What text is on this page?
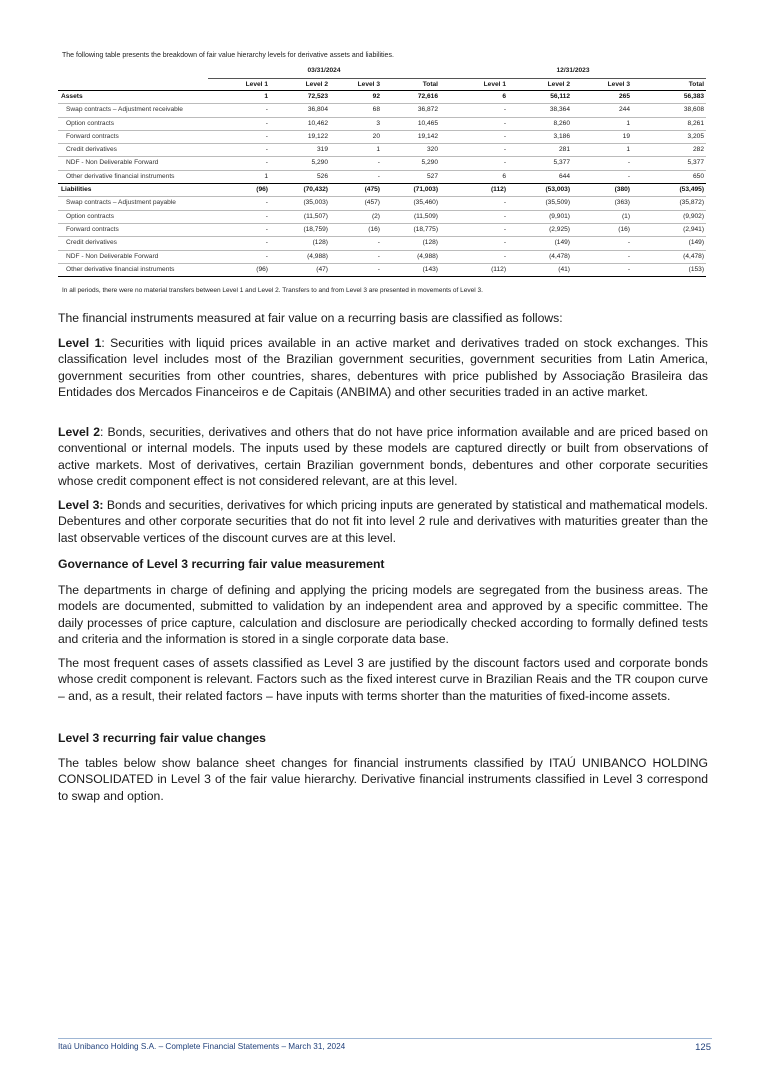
The following table presents the breakdown of fair value hierarchy levels for derivative assets and liabilities.
	03/31/2024				12/31/2023			
	Level 1	Level 2	Level 3	Total	Level 1	Level 2	Level 3	Total
Assets	1	72,523	92	72,616	6	56,112	265	56,383
Swap contracts – Adjustment receivable	-	36,804	68	36,872	-	38,364	244	38,608
Option contracts	-	10,462	3	10,465	-	8,260	1	8,261
Forward contracts	-	19,122	20	19,142	-	3,186	19	3,205
Credit derivatives	-	319	1	320	-	281	1	282
NDF - Non Deliverable Forward	-	5,290	-	5,290	-	5,377	-	5,377
Other derivative financial instruments	1	526	-	527	6	644	-	650
Liabilities	(96)	(70,432)	(475)	(71,003)	(112)	(53,003)	(380)	(53,495)
Swap contracts – Adjustment payable	-	(35,003)	(457)	(35,460)	-	(35,509)	(363)	(35,872)
Option contracts	-	(11,507)	(2)	(11,509)	-	(9,901)	(1)	(9,902)
Forward contracts	-	(18,759)	(16)	(18,775)	-	(2,925)	(16)	(2,941)
Credit derivatives	-	(128)	-	(128)	-	(149)	-	(149)
NDF - Non Deliverable Forward	-	(4,988)	-	(4,988)	-	(4,478)	-	(4,478)
Other derivative financial instruments	(96)	(47)	-	(143)	(112)	(41)	-	(153)
In all periods, there were no material transfers between Level 1 and Level 2. Transfers to and from Level 3 are presented in movements of Level 3.

The financial instruments measured at fair value on a recurring basis are classified as follows:

Level 1: Securities with liquid prices available in an active market and derivatives traded on stock exchanges. This classification level includes most of the Brazilian government securities, government securities from Latin America, government securities from other countries, shares, debentures with price published by Associação Brasileira das Entidades dos Mercados Financeiros e de Capitais (ANBIMA) and other securities traded in an active market.

Level 2: Bonds, securities, derivatives and others that do not have price information available and are priced based on conventional or internal models. The inputs used by these models are captured directly or built from observations of active markets. Most of derivatives, certain Brazilian government bonds, debentures and other corporate securities whose credit component effect is not considered relevant, are at this level.

Level 3: Bonds and securities, derivatives for which pricing inputs are generated by statistical and mathematical models. Debentures and other corporate securities that do not fit into level 2 rule and derivatives with maturities greater than the last observable vertices of the discount curves are at this level.

Governance of Level 3 recurring fair value measurement

The departments in charge of defining and applying the pricing models are segregated from the business areas. The models are documented, submitted to validation by an independent area and approved by a specific committee. The daily processes of price capture, calculation and disclosure are periodically checked according to formally defined tests and criteria and the information is stored in a single corporate data base.

The most frequent cases of assets classified as Level 3 are justified by the discount factors used and corporate bonds whose credit component is relevant. Factors such as the fixed interest curve in Brazilian Reais and the TR coupon curve – and, as a result, their related factors – have inputs with terms shorter than the maturities of fixed-income assets.

Level 3 recurring fair value changes

The tables below show balance sheet changes for financial instruments classified by ITAÚ UNIBANCO HOLDING CONSOLIDATED in Level 3 of the fair value hierarchy. Derivative financial instruments classified in Level 3 correspond to swap and option.

Itaú Unibanco Holding S.A. – Complete Financial Statements – March 31, 2024	125
